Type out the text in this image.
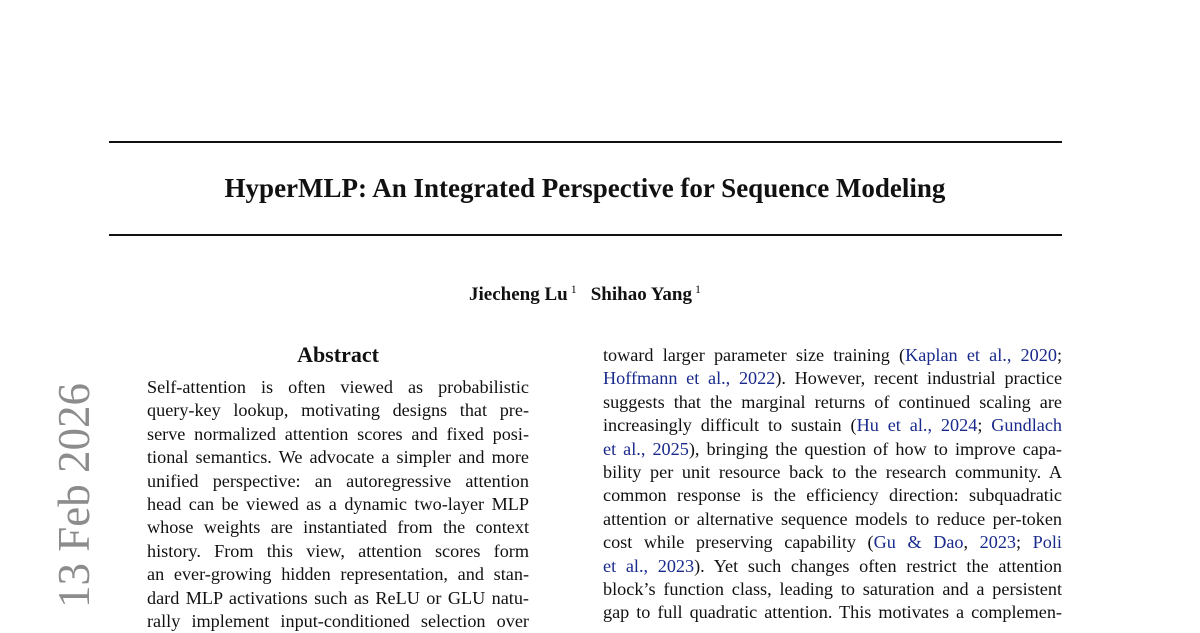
HyperMLP: An Integrated Perspective for Sequence Modeling
Jiecheng Lu $^1$ Shihao Yang $^1$
13 Feb 2026
Abstract
Self-attention is often viewed as probabilistic
query-key lookup, motivating designs that pre-
serve normalized attention scores and fixed posi-
tional semantics. We advocate a simpler and more
unified perspective: an autoregressive attention
head can be viewed as a dynamic two-layer MLP
whose weights are instantiated from the context
history. From this view, attention scores form
an ever-growing hidden representation, and stan-
dard MLP activations such as ReLU or GLU natu-
rally implement input-conditioned selection over
toward larger parameter size training (Kaplan et al., 2020;
Hoffmann et al., 2022). However, recent industrial practice
suggests that the marginal returns of continued scaling are
increasingly difficult to sustain (Hu et al., 2024; Gundlach
et al., 2025), bringing the question of how to improve capa-
bility per unit resource back to the research community. A
common response is the efficiency direction: subquadratic
attention or alternative sequence models to reduce per-token
cost while preserving capability (Gu & Dao, 2023; Poli
et al., 2023). Yet such changes often restrict the attention
block’s function class, leading to saturation and a persistent
gap to full quadratic attention. This motivates a complemen-
